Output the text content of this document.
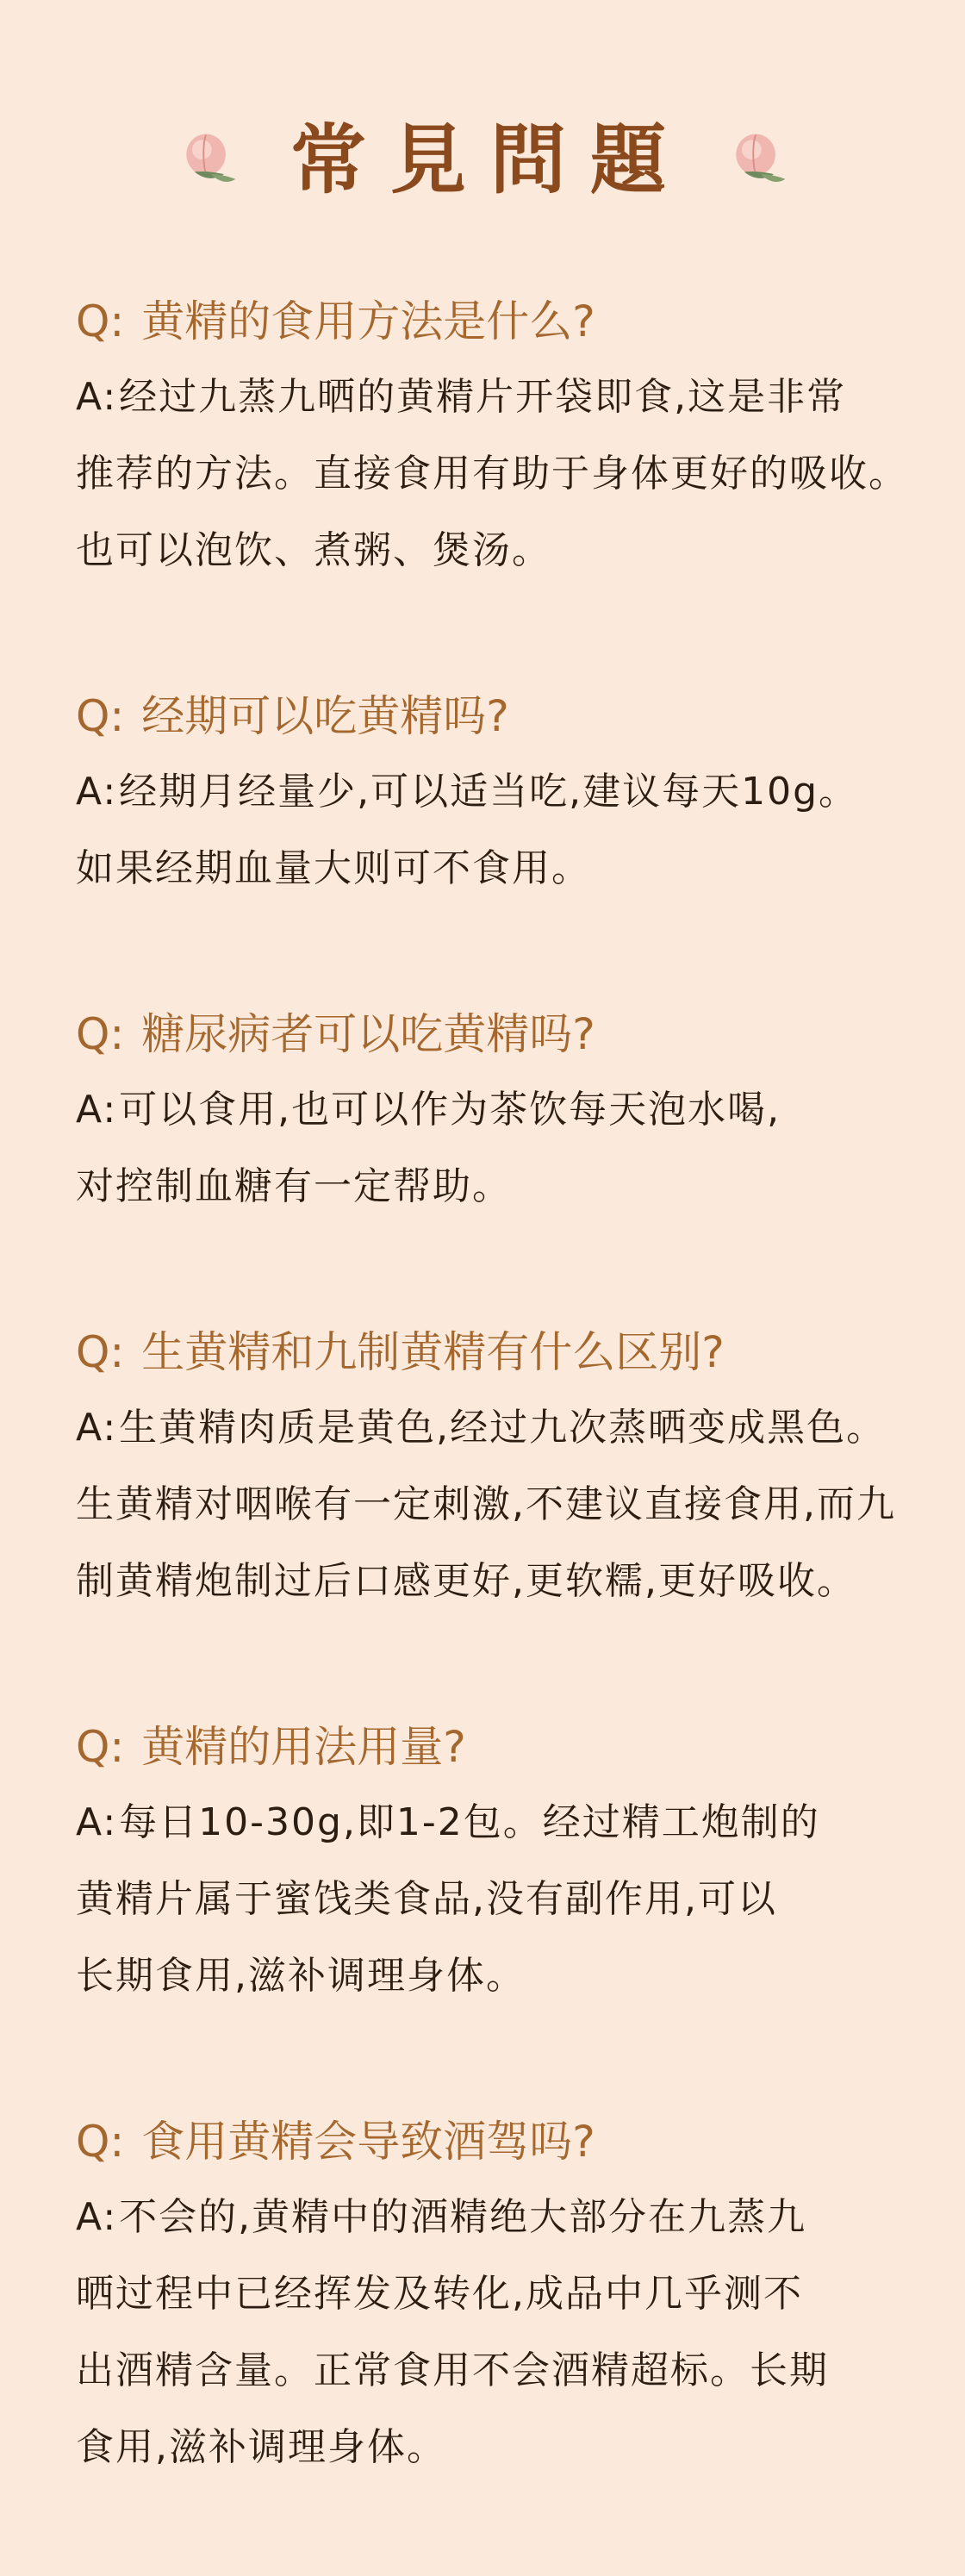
常見問題

Q: 黄精的食用方法是什么?

A:经过九蒸九晒的黄精片开袋即食,这是非常
推荐的方法。直接食用有助于身体更好的吸收。
也可以泡饮、煮粥、煲汤。

Q: 经期可以吃黄精吗?

A:经期月经量少,可以适当吃,建议每天10g。
如果经期血量大则可不食用。

Q: 糖尿病者可以吃黄精吗?

A:可以食用,也可以作为茶饮每天泡水喝,
对控制血糖有一定帮助。

Q: 生黄精和九制黄精有什么区别?

A:生黄精肉质是黄色,经过九次蒸晒变成黑色。
生黄精对咽喉有一定刺激,不建议直接食用,而九
制黄精炮制过后口感更好,更软糯,更好吸收。

Q: 黄精的用法用量?

A:每日10-30g,即1-2包。经过精工炮制的
黄精片属于蜜饯类食品,没有副作用,可以
长期食用,滋补调理身体。

Q: 食用黄精会导致酒驾吗?

A:不会的,黄精中的酒精绝大部分在九蒸九
晒过程中已经挥发及转化,成品中几乎测不
出酒精含量。正常食用不会酒精超标。长期
食用,滋补调理身体。
